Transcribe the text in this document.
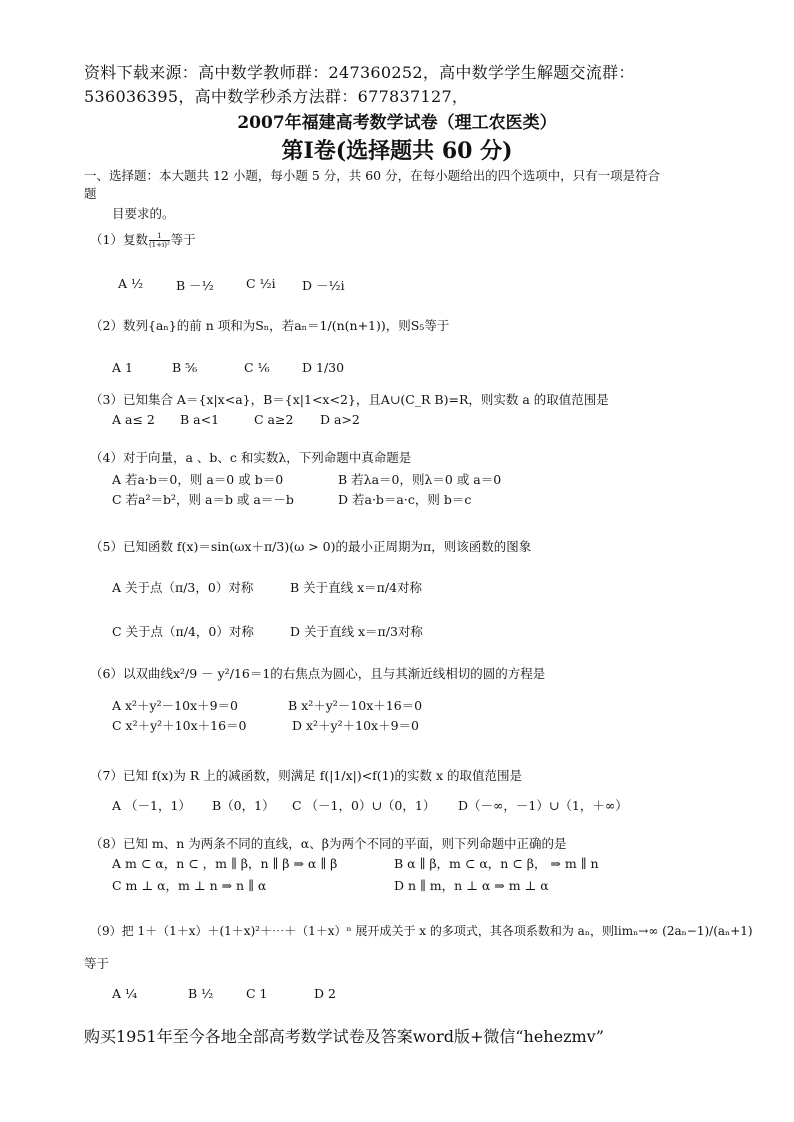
资料下载来源：高中数学教师群：247360252，高中数学学生解题交流群：
536036395，高中数学秒杀方法群：677837127，
2007年福建高考数学试卷（理工农医类）
第Ⅰ卷(选择题共 60 分)
一、选择题：本大题共 12 小题，每小题 5 分，共 60 分，在每小题给出的四个选项中，只有一项是符合
题
目要求的。
（1）复数 $\frac{1}{\text{(1+i)²}}$ 等于
A ½	B －½	C ½i D －½i
（2）数列{aₙ}的前 n 项和为Sₙ，若aₙ＝1/(n(n+1))，则S₅等于
A 1	B ⅚	C ⅙	D 1/30
（3）已知集合 A＝{x|x<a}，B＝{x|1<x<2}，且A∪(C_R B)=R，则实数 a 的取值范围是
A a≤ 2 B a<1	C a≥2 D a>2
（4）对于向量，a 、b、c 和实数λ，下列命题中真命题是
A 若a·b＝0，则 a＝0 或 b＝0	B 若λa＝0，则λ＝0 或 a＝0
C 若a²＝b²，则 a＝b 或 a＝－b	D 若a·b＝a·c，则 b＝c
（5）已知函数 f(x)＝sin(ωx＋π/3)(ω > 0)的最小正周期为π，则该函数的图象
A 关于点（π/3，0）对称	B 关于直线 x＝π/4对称
C 关于点（π/4，0）对称	D 关于直线 x＝π/3对称
（6）以双曲线x²/9 － y²/16＝1的右焦点为圆心，且与其渐近线相切的圆的方程是
A x²＋y²－10x＋9＝0	B x²＋y²－10x＋16＝0
C x²＋y²＋10x＋16＝0	D x²＋y²＋10x＋9＝0
（7）已知 f(x)为 R 上的减函数，则满足 f(|1/x|)<f(1)的实数 x 的取值范围是
A （－1，1） B（0，1） C （－1，0）∪（0，1） D（－∞，－1）∪（1，＋∞）
（8）已知 m、n 为两条不同的直线，α、β为两个不同的平面，则下列命题中正确的是
A m ⊂ α，n ⊂ ，m ∥ β，n ∥ β ⇒ α ∥ β	B α ∥ β，m ⊂ α，n ⊂ β， ⇒ m ∥ n
C m ⊥ α，m ⊥ n ⇒ n ∥ α	D n ∥ m，n ⊥ α ⇒ m ⊥ α
（9）把 1＋（1＋x）＋(1＋x)²＋⋯＋（1＋x）ⁿ 展开成关于 x 的多项式，其各项系数和为 aₙ，则limₙ→∞ (2aₙ−1)/(aₙ+1)
等于
A ¼	B ½	C 1	D 2
购买1951年至今各地全部高考数学试卷及答案word版+微信“hehezmv”
